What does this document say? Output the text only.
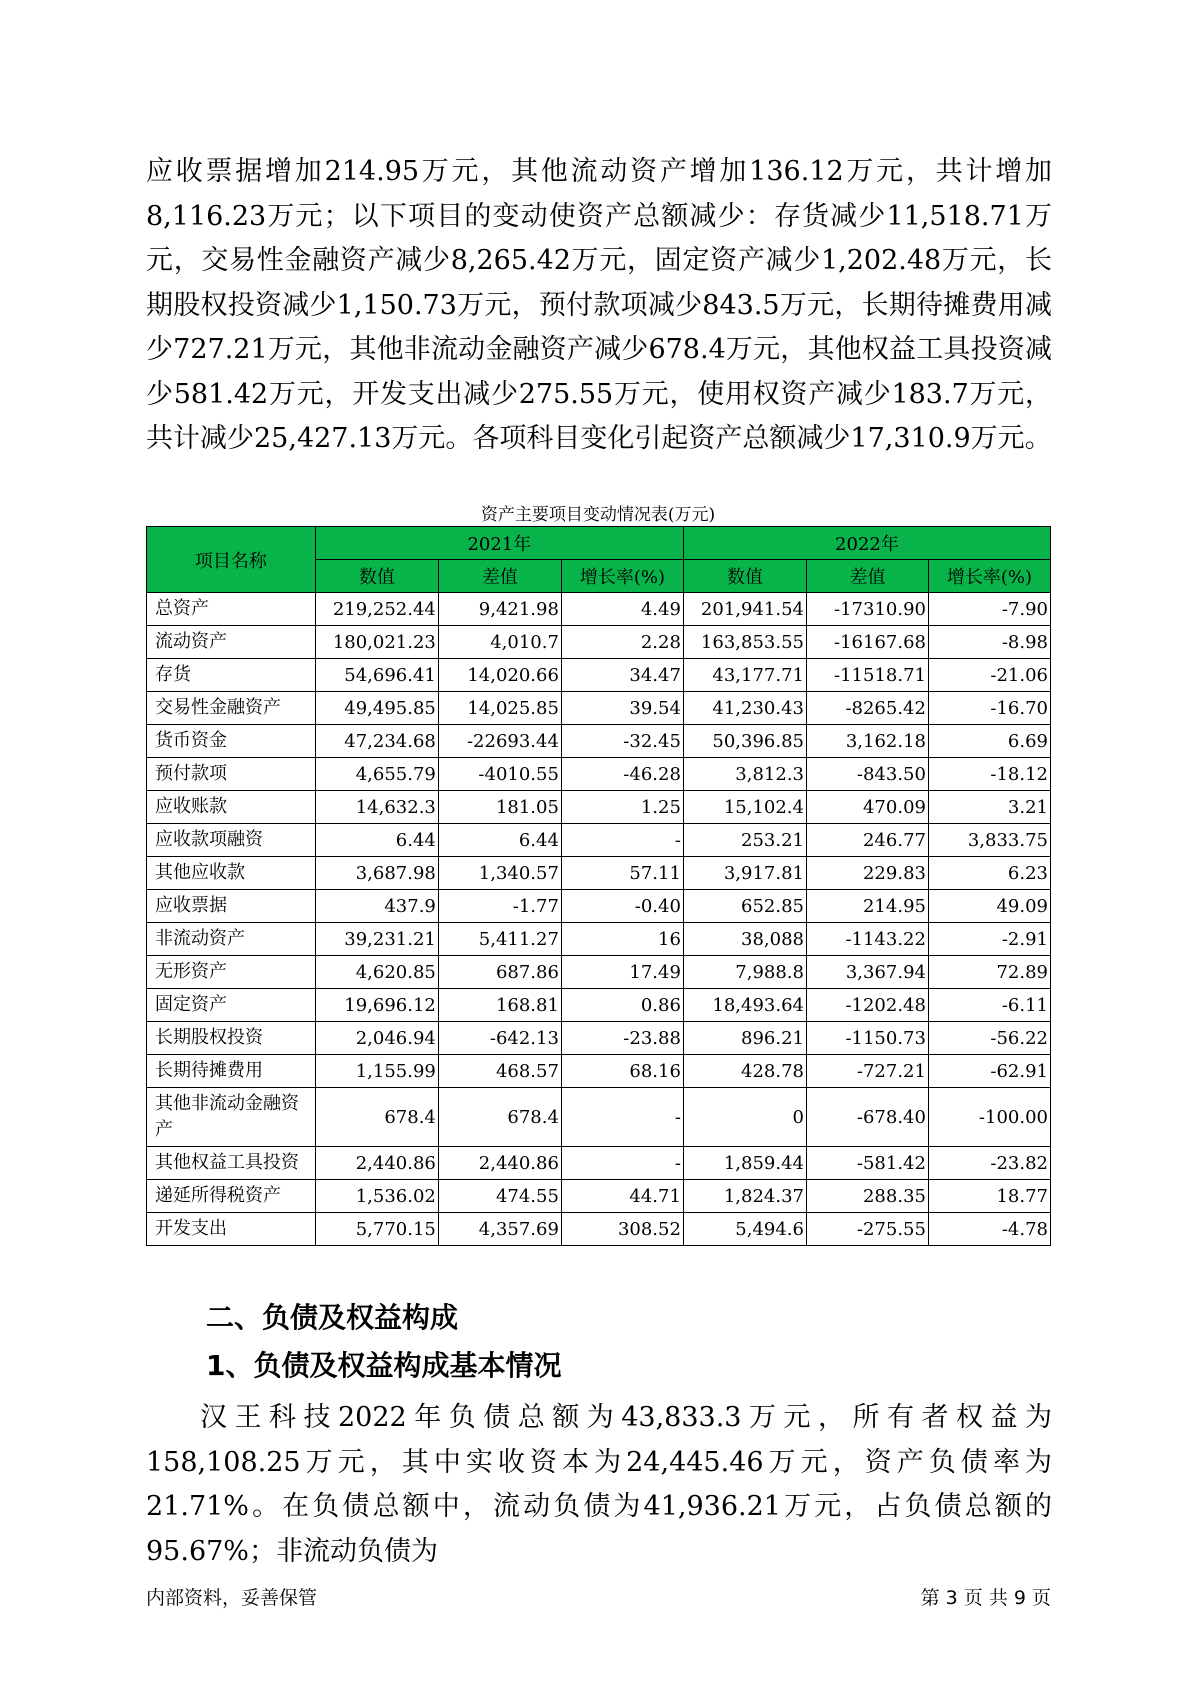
应收票据增加214.95万元，其他流动资产增加136.12万元，共计增加8,116.23万元；以下项目的变动使资产总额减少：存货减少11,518.71万元，交易性金融资产减少8,265.42万元，固定资产减少1,202.48万元，长期股权投资减少1,150.73万元，预付款项减少843.5万元，长期待摊费用减少727.21万元，其他非流动金融资产减少678.4万元，其他权益工具投资减少581.42万元，开发支出减少275.55万元，使用权资产减少183.7万元，共计减少25,427.13万元。各项科目变化引起资产总额减少17,310.9万元。

资产主要项目变动情况表(万元)
项目名称	2021年			2022年		
	数值	差值	增长率(%)	数值	差值	增长率(%)
总资产	219,252.44	9,421.98	4.49	201,941.54	-17310.90	-7.90
流动资产	180,021.23	4,010.7	2.28	163,853.55	-16167.68	-8.98
存货	54,696.41	14,020.66	34.47	43,177.71	-11518.71	-21.06
交易性金融资产	49,495.85	14,025.85	39.54	41,230.43	-8265.42	-16.70
货币资金	47,234.68	-22693.44	-32.45	50,396.85	3,162.18	6.69
预付款项	4,655.79	-4010.55	-46.28	3,812.3	-843.50	-18.12
应收账款	14,632.3	181.05	1.25	15,102.4	470.09	3.21
应收款项融资	6.44	6.44	-	253.21	246.77	3,833.75
其他应收款	3,687.98	1,340.57	57.11	3,917.81	229.83	6.23
应收票据	437.9	-1.77	-0.40	652.85	214.95	49.09
非流动资产	39,231.21	5,411.27	16	38,088	-1143.22	-2.91
无形资产	4,620.85	687.86	17.49	7,988.8	3,367.94	72.89
固定资产	19,696.12	168.81	0.86	18,493.64	-1202.48	-6.11
长期股权投资	2,046.94	-642.13	-23.88	896.21	-1150.73	-56.22
长期待摊费用	1,155.99	468.57	68.16	428.78	-727.21	-62.91
其他非流动金融资产	678.4	678.4	-	0	-678.40	-100.00
其他权益工具投资	2,440.86	2,440.86	-	1,859.44	-581.42	-23.82
递延所得税资产	1,536.02	474.55	44.71	1,824.37	288.35	18.77
开发支出	5,770.15	4,357.69	308.52	5,494.6	-275.55	-4.78
二、负债及权益构成
1、负债及权益构成基本情况

汉王科技2022年负债总额为43,833.3万元，所有者权益为158,108.25万元，其中实收资本为24,445.46万元，资产负债率为21.71%。在负债总额中，流动负债为41,936.21万元，占负债总额的95.67%；非流动负债为

内部资料，妥善保管	第 3 页 共 9 页
